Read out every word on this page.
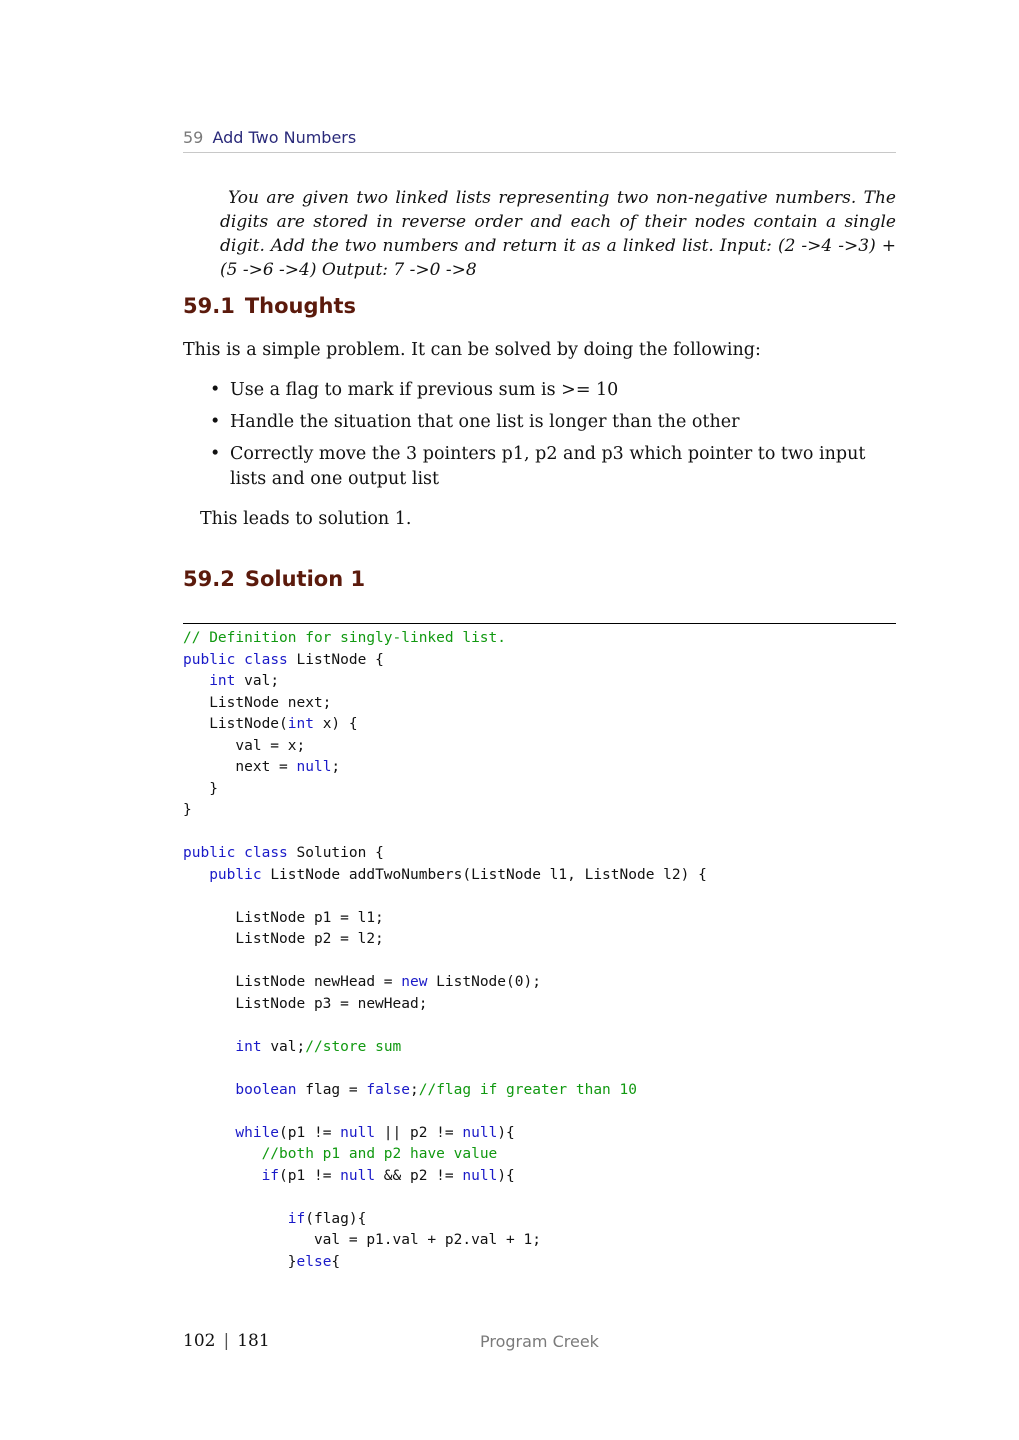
59 Add Two Numbers
You are given two linked lists representing two non-negative numbers. The digits are stored in reverse order and each of their nodes contain a single digit. Add the two numbers and return it as a linked list. Input: (2 ->4 ->3) + (5 ->6 ->4) Output: 7 ->0 ->8
59.1 Thoughts
This is a simple problem. It can be solved by doing the following:
• Use a flag to mark if previous sum is >= 10
• Handle the situation that one list is longer than the other
• Correctly move the 3 pointers p1, p2 and p3 which pointer to two input lists and one output list
This leads to solution 1.
59.2 Solution 1
// Definition for singly-linked list.
public class ListNode {
int val;
ListNode next;
ListNode(int x) {
val = x;
next = null;
}
}
public class Solution {
public ListNode addTwoNumbers(ListNode l1, ListNode l2) {
ListNode p1 = l1;
ListNode p2 = l2;
ListNode newHead = new ListNode(0);
ListNode p3 = newHead;
int val;//store sum
boolean flag = false;//flag if greater than 10
while(p1 != null || p2 != null){
//both p1 and p2 have value
if(p1 != null && p2 != null){
if(flag){
val = p1.val + p2.val + 1;
}else{
102 | 181	Program Creek
